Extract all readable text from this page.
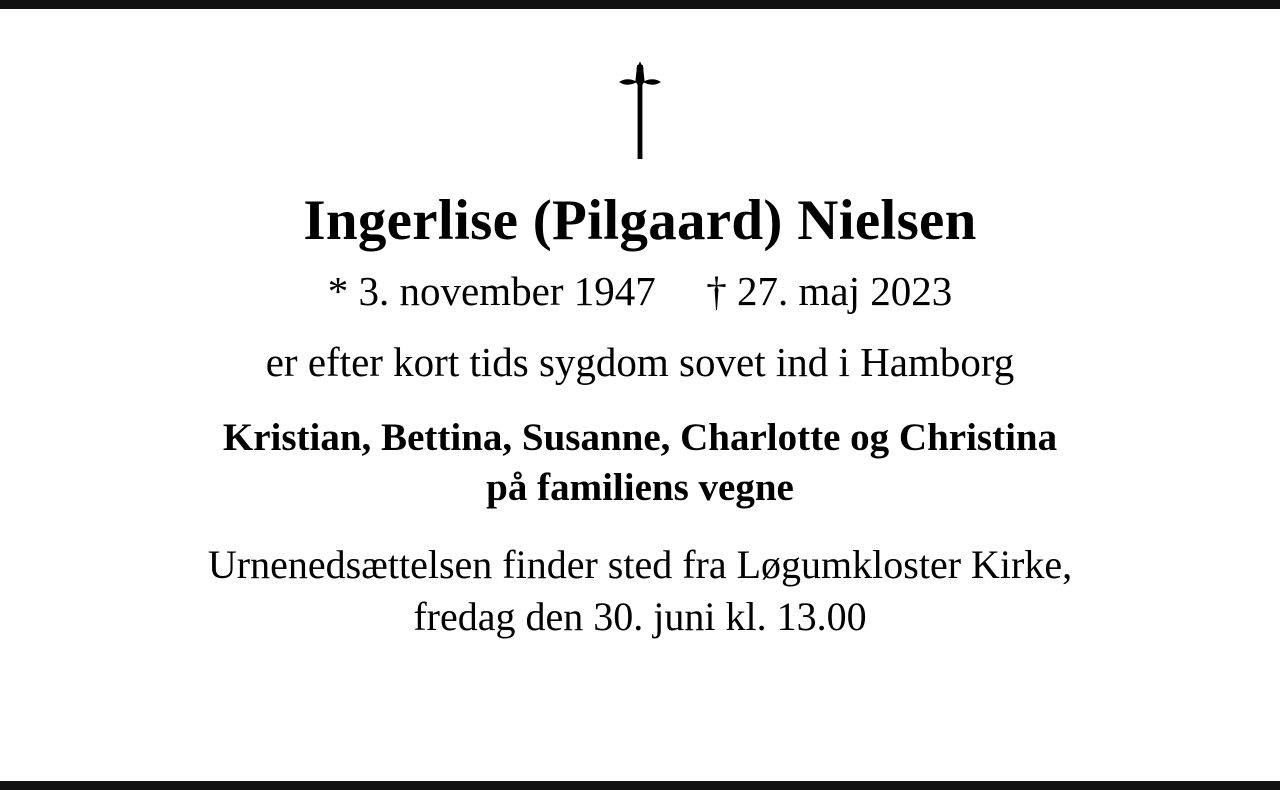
Ingerlise (Pilgaard) Nielsen
* 3. november 1947 † 27. maj 2023
er efter kort tids sygdom sovet ind i Hamborg
Kristian, Bettina, Susanne, Charlotte og Christina
på familiens vegne
Urnenedsættelsen finder sted fra Løgumkloster Kirke,
fredag den 30. juni kl. 13.00
